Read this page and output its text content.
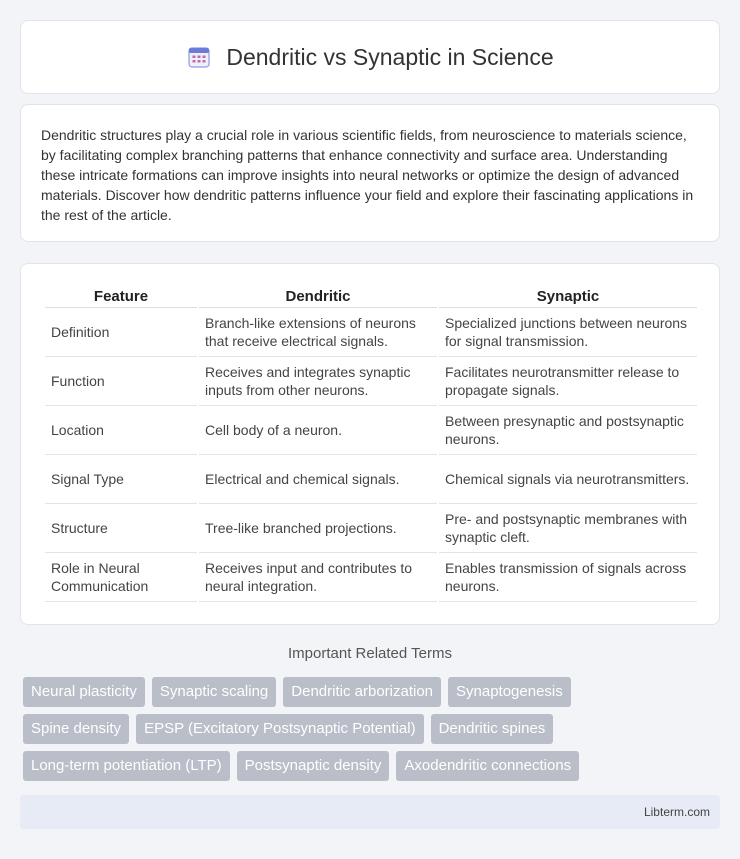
Dendritic vs Synaptic in Science

Dendritic structures play a crucial role in various scientific fields, from neuroscience to materials science, by facilitating complex branching patterns that enhance connectivity and surface area. Understanding these intricate formations can improve insights into neural networks or optimize the design of advanced materials. Discover how dendritic patterns influence your field and explore their fascinating applications in the rest of the article.

Feature	Dendritic	Synaptic
Definition	Branch-like extensions of neurons that receive electrical signals.	Specialized junctions between neurons for signal transmission.
Function	Receives and integrates synaptic inputs from other neurons.	Facilitates neurotransmitter release to propagate signals.
Location	Cell body of a neuron.	Between presynaptic and postsynaptic neurons.
Signal Type	Electrical and chemical signals.	Chemical signals via neurotransmitters.
Structure	Tree-like branched projections.	Pre- and postsynaptic membranes with synaptic cleft.
Role in Neural Communication	Receives input and contributes to neural integration.	Enables transmission of signals across neurons.
Important Related Terms
Neural plasticity	Synaptic scaling	Dendritic arborization	Synaptogenesis
Spine density	EPSP (Excitatory Postsynaptic Potential)	Dendritic spines
Long-term potentiation (LTP)	Postsynaptic density	Axodendritic connections
Libterm.com
